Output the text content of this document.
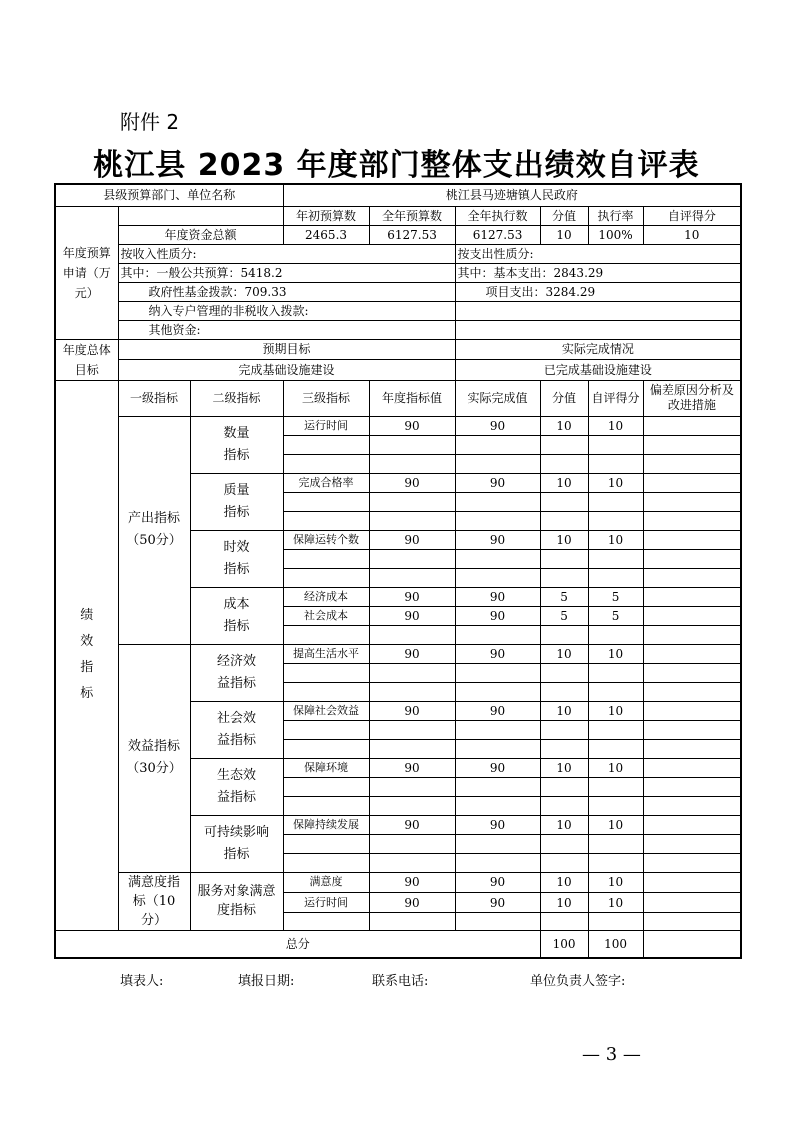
附件 2
桃江县 2023 年度部门整体支出绩效自评表
县级预算部门、单位名称			桃江县马迹塘镇人民政府					
年度预算申请（万元）			年初预算数	全年预算数	全年执行数	分值	执行率	自评得分
	年度资金总额		2465.3	6127.53	6127.53	10	100%	10
	按收入性质分:				按支出性质分:			
	其中：一般公共预算：5418.2				其中：基本支出：2843.29			
	政府性基金拨款：709.33				项目支出：3284.29			
	纳入专户管理的非税收入拨款:							
	其他资金:							
年度总体目标	预期目标				实际完成情况			
	完成基础设施建设				已完成基础设施建设			

绩效指标	一级指标	二级指标	三级指标	年度指标值	实际完成值	分值	自评得分	偏差原因分析及改进措施

	产出指标（50分）	数量指标	运行时间	90	90	10	10	

		质量指标	完成合格率	90	90	10	10	

		时效指标	保障运转个数	90	90	10	10	

		成本指标	经济成本	90	90	5	5	
			社会成本	90	90	5	5	

	效益指标（30分）	经济效益指标	提高生活水平	90	90	10	10	

		社会效益指标	保障社会效益	90	90	10	10	

		生态效益指标	保障环境	90	90	10	10	

		可持续影响指标	保障持续发展	90	90	10	10	

	满意度指标（10分）	服务对象满意度指标	满意度	90	90	10	10	
			运行时间	90	90	10	10	

总分						100	100	
填表人:	填报日期:	联系电话:	单位负责人签字:
— 3 —
